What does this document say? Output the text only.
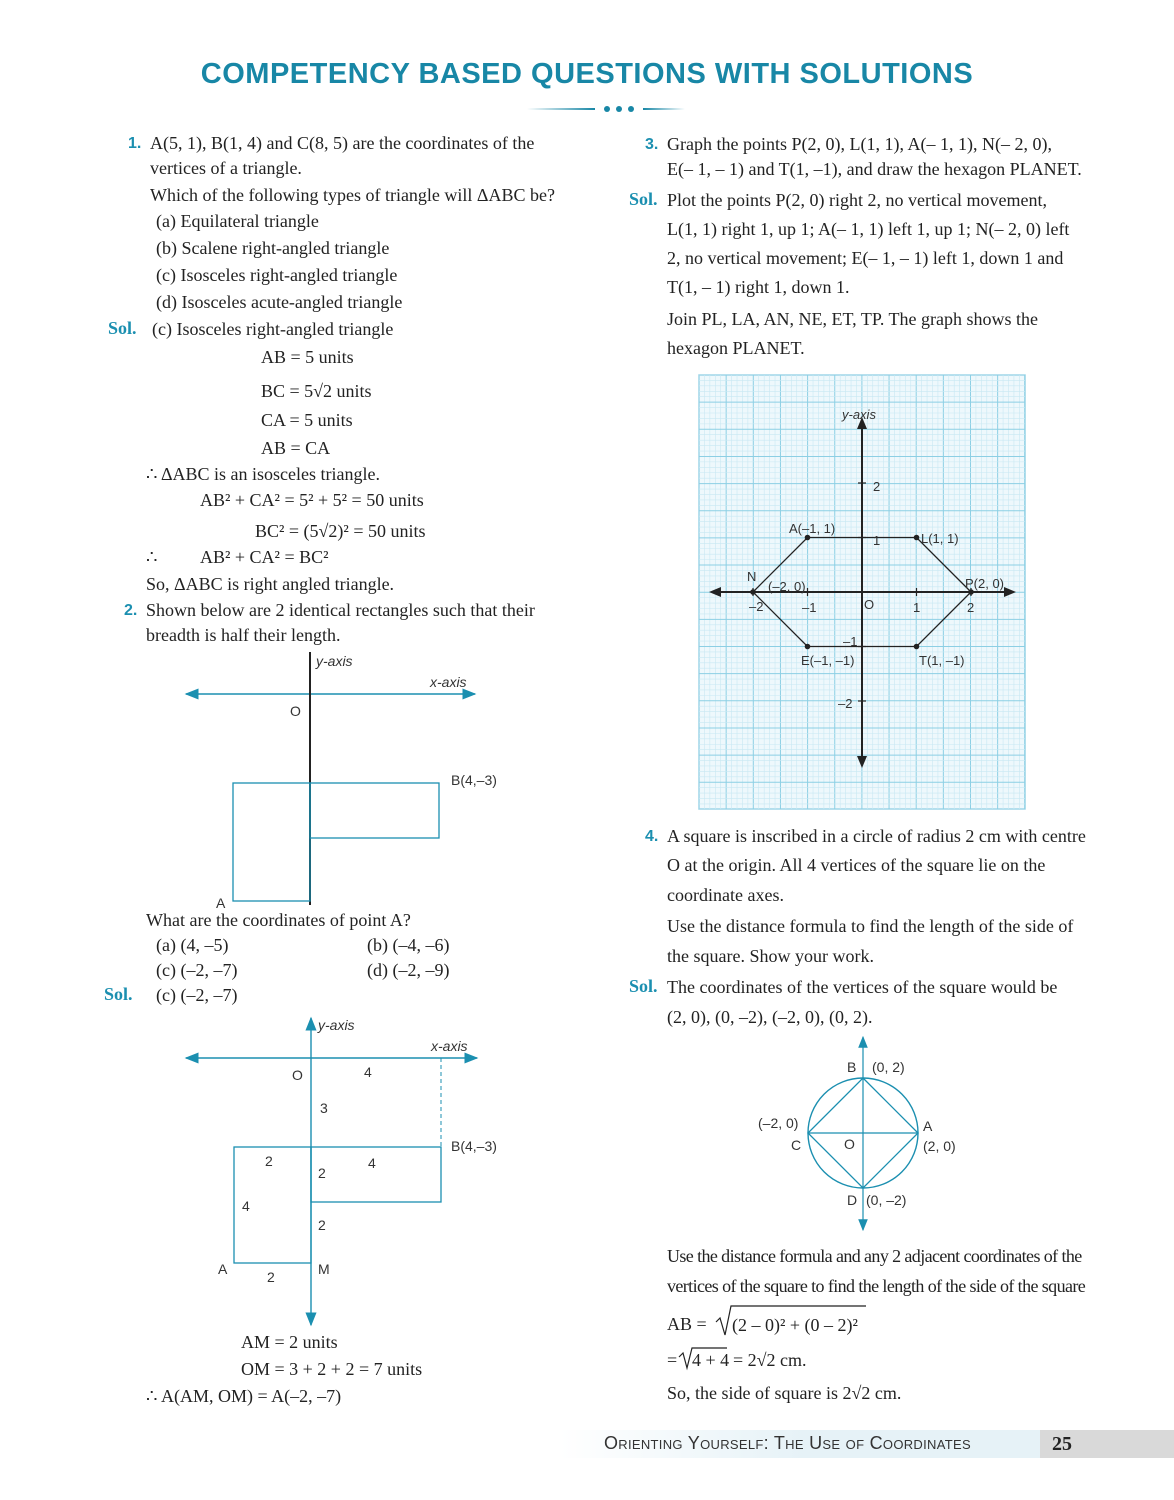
COMPETENCY BASED QUESTIONS WITH SOLUTIONS
1. A(5, 1), B(1, 4) and C(8, 5) are the coordinates of the
vertices of a triangle.
Which of the following types of triangle will ΔABC be?
(a) Equilateral triangle
(b) Scalene right-angled triangle
(c) Isosceles right-angled triangle
(d) Isosceles acute-angled triangle
Sol. (c) Isosceles right-angled triangle
AB = 5 units
BC = 5√2 units
CA = 5 units
AB = CA
∴ ΔABC is an isosceles triangle.
AB² + CA² = 5² + 5² = 50 units
BC² = (5√2)² = 50 units
∴ AB² + CA² = BC²
So, ΔABC is right angled triangle.
2. Shown below are 2 identical rectangles such that their
breadth is half their length.
y-axis
x-axis
O
B(4,–3)
A
What are the coordinates of point A?
(a) (4, –5)	(b) (–4, –6)
(c) (–2, –7)	(d) (–2, –9)
Sol. (c) (–2, –7)
y-axis
x-axis
O	4
3
B(4,–3)
2	4
2
4
2
A	2	M
AM = 2 units
OM = 3 + 2 + 2 = 7 units
∴ A(AM, OM) = A(–2, –7)
3. Graph the points P(2, 0), L(1, 1), A(– 1, 1), N(– 2, 0),
E(– 1, – 1) and T(1, –1), and draw the hexagon PLANET.
Sol. Plot the points P(2, 0) right 2, no vertical movement,
L(1, 1) right 1, up 1; A(– 1, 1) left 1, up 1; N(– 2, 0) left
2, no vertical movement; E(– 1, – 1) left 1, down 1 and
T(1, – 1) right 1, down 1.
Join PL, LA, AN, NE, ET, TP. The graph shows the
hexagon PLANET.
y-axis
2
A(–1, 1)
1	L(1, 1)
N
(–2, 0)	P(2, 0)
–2	–1	O	1	2
–1
E(–1, –1)	T(1, –1)
–2
4. A square is inscribed in a circle of radius 2 cm with centre
O at the origin. All 4 vertices of the square lie on the
coordinate axes.
Use the distance formula to find the length of the side of
the square. Show your work.
Sol. The coordinates of the vertices of the square would be
(2, 0), (0, –2), (–2, 0), (0, 2).
B (0, 2)
(–2, 0)
C	O
A
(2, 0)
D (0, –2)
Use the distance formula and any 2 adjacent coordinates of the
vertices of the square to find the length of the side of the square
AB = (2 – 0)² + (0 – 2)²
= 4 + 4 = 2√2 cm.
So, the side of square is 2√2 cm.
Orienting Yourself: The Use of Coordinates	25
